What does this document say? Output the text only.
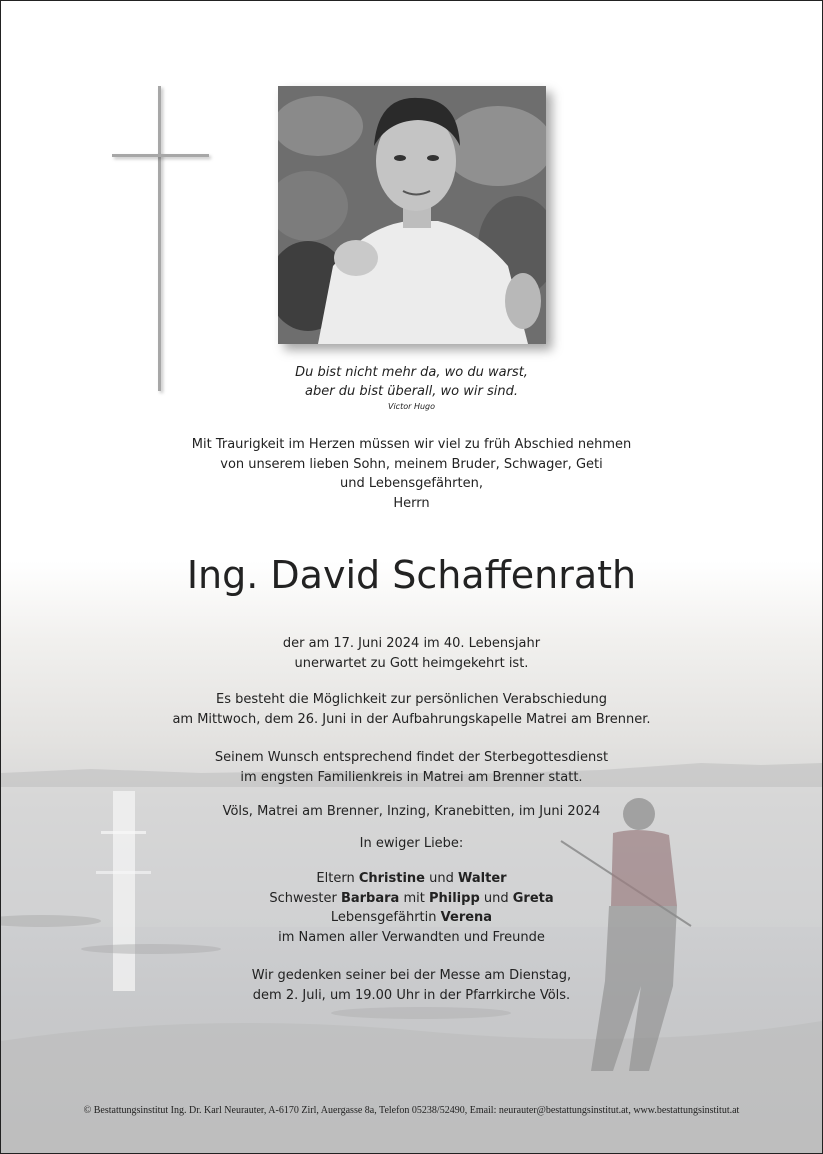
Du bist nicht mehr da, wo du warst,
aber du bist überall, wo wir sind.
Victor Hugo
Mit Traurigkeit im Herzen müssen wir viel zu früh Abschied nehmen
von unserem lieben Sohn, meinem Bruder, Schwager, Geti
und Lebensgefährten,
Herrn
Ing. David Schaffenrath
der am 17. Juni 2024 im 40. Lebensjahr
unerwartet zu Gott heimgekehrt ist.
Es besteht die Möglichkeit zur persönlichen Verabschiedung
am Mittwoch, dem 26. Juni in der Aufbahrungskapelle Matrei am Brenner.
Seinem Wunsch entsprechend findet der Sterbegottesdienst
im engsten Familienkreis in Matrei am Brenner statt.
Völs, Matrei am Brenner, Inzing, Kranebitten, im Juni 2024
In ewiger Liebe:
Eltern Christine und Walter
Schwester Barbara mit Philipp und Greta
Lebensgefährtin Verena
im Namen aller Verwandten und Freunde
Wir gedenken seiner bei der Messe am Dienstag,
dem 2. Juli, um 19.00 Uhr in der Pfarrkirche Völs.
© Bestattungsinstitut Ing. Dr. Karl Neurauter, A-6170 Zirl, Auergasse 8a, Telefon 05238/52490, Email: neurauter@bestattungsinstitut.at, www.bestattungsinstitut.at
